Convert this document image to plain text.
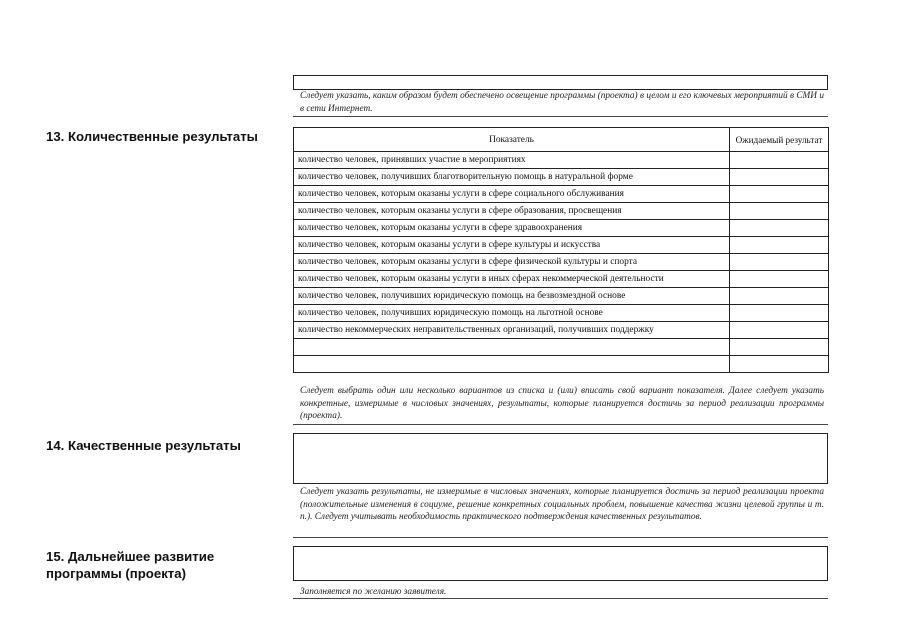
Следует указать, каким образом будет обеспечено освещение программы (проекта) в целом и его ключевых мероприятий в СМИ и в сети Интернет.
13. Количественные результаты	Показатель	Ожидаемый результат
количество человек, принявших участие в мероприятиях	
количество человек, получивших благотворительную помощь в натуральной форме	
количество человек, которым оказаны услуги в сфере социального обслуживания	
количество человек, которым оказаны услуги в сфере образования, просвещения	
количество человек, которым оказаны услуги в сфере здравоохранения	
количество человек, которым оказаны услуги в сфере культуры и искусства	
количество человек, которым оказаны услуги в сфере физической культуры и спорта	
количество человек, которым оказаны услуги в иных сферах некоммерческой деятельности	
количество человек, получивших юридическую помощь на безвозмездной основе	
количество человек, получивших юридическую помощь на льготной основе	
количество некоммерческих неправительственных организаций, получивших поддержку	

Следует выбрать один или несколько вариантов из списка и (или) вписать свой вариант показателя. Далее следует указать конкретные, измеримые в числовых значениях, результаты, которые планируется достичь за период реализации программы (проекта).
14. Качественные результаты
Следует указать результаты, не измеримые в числовых значениях, которые планируется достичь за период реализации проекта (положительные изменения в социуме, решение конкретных социальных проблем, повышение качества жизни целевой группы и т. п.). Следует учитывать необходимость практического подтверждения качественных результатов.
15. Дальнейшее развитие
программы (проекта)
Заполняется по желанию заявителя.
